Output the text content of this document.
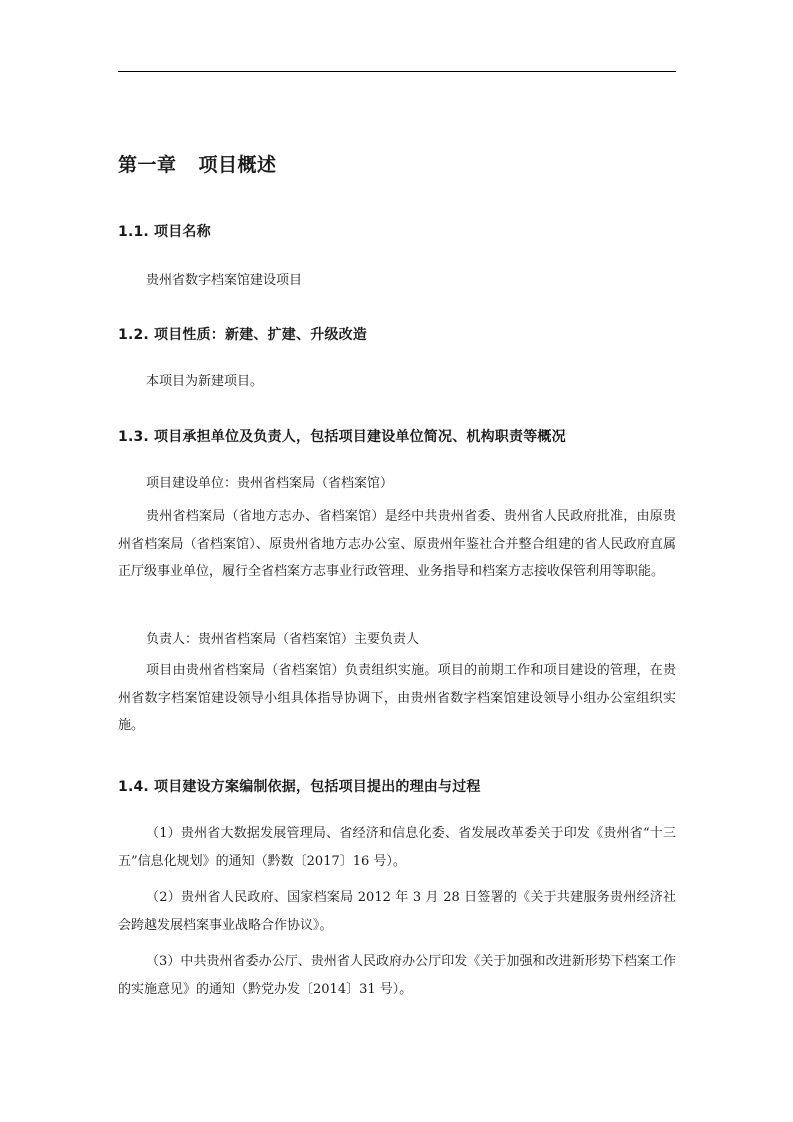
第一章 项目概述
1.1. 项目名称

贵州省数字档案馆建设项目

1.2. 项目性质：新建、扩建、升级改造

本项目为新建项目。

1.3. 项目承担单位及负责人，包括项目建设单位简况、机构职责等概况

项目建设单位：贵州省档案局（省档案馆）

贵州省档案局（省地方志办、省档案馆）是经中共贵州省委、贵州省人民政府批准，由原贵州省档案局（省档案馆）、原贵州省地方志办公室、原贵州年鉴社合并整合组建的省人民政府直属正厅级事业单位，履行全省档案方志事业行政管理、业务指导和档案方志接收保管利用等职能。

负责人：贵州省档案局（省档案馆）主要负责人

项目由贵州省档案局（省档案馆）负责组织实施。项目的前期工作和项目建设的管理，在贵州省数字档案馆建设领导小组具体指导协调下，由贵州省数字档案馆建设领导小组办公室组织实施。

1.4. 项目建设方案编制依据，包括项目提出的理由与过程

（1）贵州省大数据发展管理局、省经济和信息化委、省发展改革委关于印发《贵州省“十三五”信息化规划》的通知（黔数〔2017〕16 号）。

（2）贵州省人民政府、国家档案局 2012 年 3 月 28 日签署的《关于共建服务贵州经济社会跨越发展档案事业战略合作协议》。

（3）中共贵州省委办公厅、贵州省人民政府办公厅印发《关于加强和改进新形势下档案工作的实施意见》的通知（黔党办发〔2014〕31 号）。
